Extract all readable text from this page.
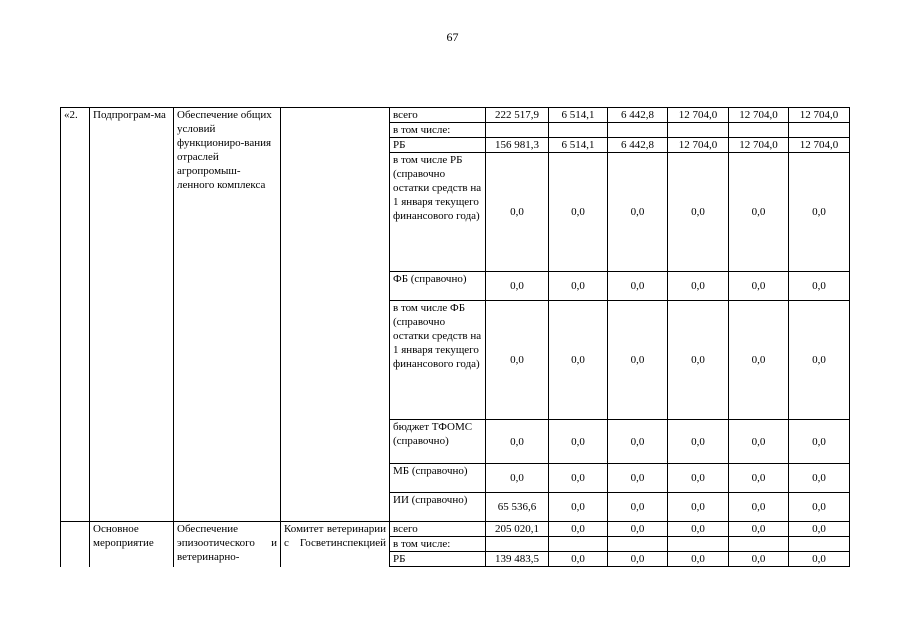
67
«2.	Подпрограм-ма	Обеспечение общих условий функциониро-вания отраслей агропромыш-ленного комплекса		всего	222 517,9	6 514,1	6 442,8	12 704,0	12 704,0	12 704,0
				в том числе:						
				РБ	156 981,3	6 514,1	6 442,8	12 704,0	12 704,0	12 704,0
				в том числе РБ (справочно остатки средств на 1 января текущего финансового года)	0,0	0,0	0,0	0,0	0,0	0,0
				ФБ (справочно)	0,0	0,0	0,0	0,0	0,0	0,0
				в том числе ФБ (справочно остатки средств на 1 января текущего финансового года)	0,0	0,0	0,0	0,0	0,0	0,0
				бюджет ТФОМС (справочно)	0,0	0,0	0,0	0,0	0,0	0,0
				МБ (справочно)	0,0	0,0	0,0	0,0	0,0	0,0
				ИИ (справочно)	65 536,6	0,0	0,0	0,0	0,0	0,0
	Основное мероприятие	Обеспечение эпизоотического и ветеринарно-	Комитет ветеринарии с Госветинспекцией	всего	205 020,1	0,0	0,0	0,0	0,0	0,0
				в том числе:						
				РБ	139 483,5	0,0	0,0	0,0	0,0	0,0
